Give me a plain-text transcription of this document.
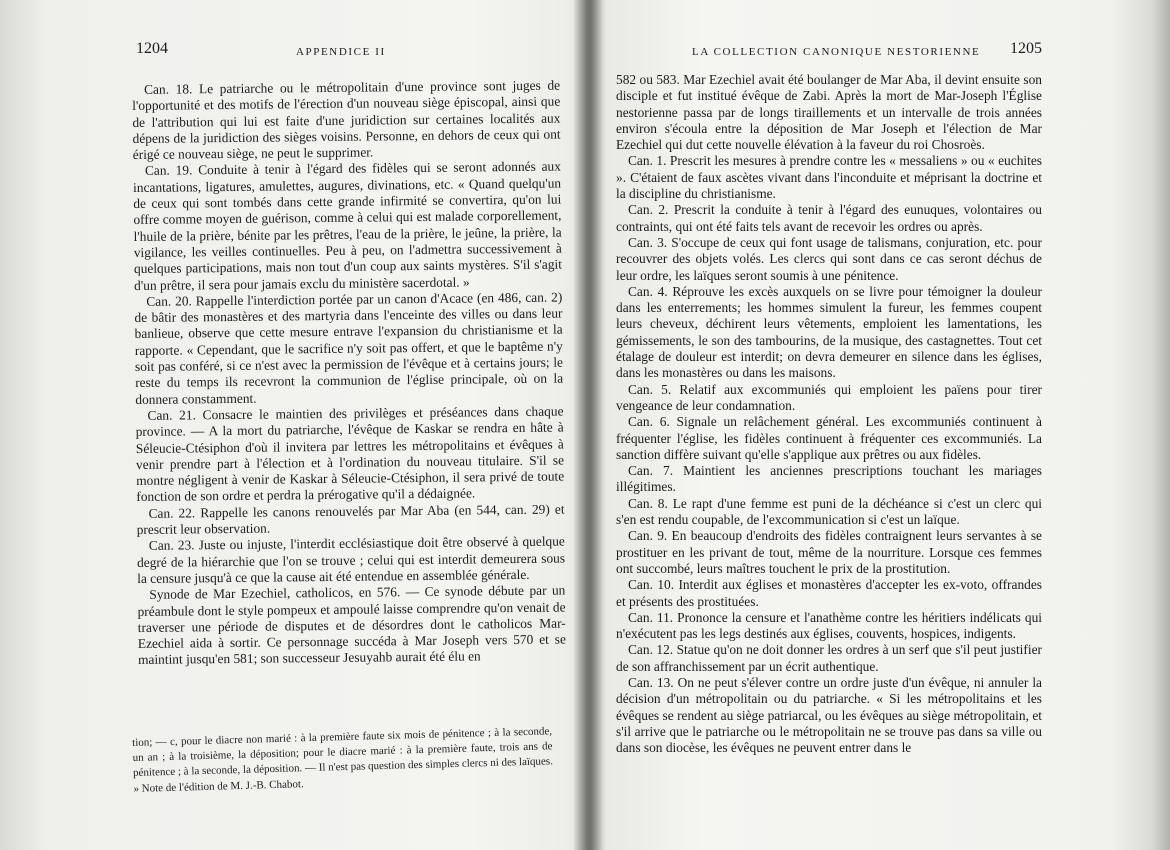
1204	APPENDICE II

Can. 18. Le patriarche ou le métropolitain d'une province sont juges de l'opportunité et des motifs de l'érection d'un nouveau siège épiscopal, ainsi que de l'attribution qui lui est faite d'une juridiction sur certaines localités aux dépens de la juridiction des sièges voisins. Personne, en dehors de ceux qui ont érigé ce nouveau siège, ne peut le supprimer.

Can. 19. Conduite à tenir à l'égard des fidèles qui se seront adonnés aux incantations, ligatures, amulettes, augures, divinations, etc. « Quand quelqu'un de ceux qui sont tombés dans cette grande infirmité se convertira, qu'on lui offre comme moyen de guérison, comme à celui qui est malade corporellement, l'huile de la prière, bénite par les prêtres, l'eau de la prière, le jeûne, la prière, la vigilance, les veilles continuelles. Peu à peu, on l'admettra successivement à quelques participations, mais non tout d'un coup aux saints mystères. S'il s'agit d'un prêtre, il sera pour jamais exclu du ministère sacerdotal. »

Can. 20. Rappelle l'interdiction portée par un canon d'Acace (en 486, can. 2) de bâtir des monastères et des martyria dans l'enceinte des villes ou dans leur banlieue, observe que cette mesure entrave l'expansion du christianisme et la rapporte. « Cependant, que le sacrifice n'y soit pas offert, et que le baptême n'y soit pas conféré, si ce n'est avec la permission de l'évêque et à certains jours; le reste du temps ils recevront la communion de l'église principale, où on la donnera constamment.

Can. 21. Consacre le maintien des privilèges et préséances dans chaque province. — A la mort du patriarche, l'évêque de Kaskar se rendra en hâte à Séleucie-Ctésiphon d'où il invitera par lettres les métropolitains et évêques à venir prendre part à l'élection et à l'ordination du nouveau titulaire. S'il se montre négligent à venir de Kaskar à Séleucie-Ctésiphon, il sera privé de toute fonction de son ordre et perdra la prérogative qu'il a dédaignée.

Can. 22. Rappelle les canons renouvelés par Mar Aba (en 544, can. 29) et prescrit leur observation.

Can. 23. Juste ou injuste, l'interdit ecclésiastique doit être observé à quelque degré de la hiérarchie que l'on se trouve ; celui qui est interdit demeurera sous la censure jusqu'à ce que la cause ait été entendue en assemblée générale.

Synode de Mar Ezechiel, catholicos, en 576. — Ce synode débute par un préambule dont le style pompeux et ampoulé laisse comprendre qu'on venait de traverser une période de disputes et de désordres dont le catholicos Mar-Ezechiel aida à sortir. Ce personnage succéda à Mar Joseph vers 570 et se maintint jusqu'en 581; son successeur Jesuyahb aurait été élu en

tion; — c, pour le diacre non marié : à la première faute six mois de pénitence ; à la seconde, un an ; à la troisième, la déposition; pour le diacre marié : à la première faute, trois ans de pénitence ; à la seconde, la déposition. — Il n'est pas question des simples clercs ni des laïques. » Note de l'édition de M. J.-B. Chabot.
LA COLLECTION CANONIQUE NESTORIENNE 1205

582 ou 583. Mar Ezechiel avait été boulanger de Mar Aba, il devint ensuite son disciple et fut institué évêque de Zabi. Après la mort de Mar-Joseph l'Église nestorienne passa par de longs tiraillements et un intervalle de trois années environ s'écoula entre la déposition de Mar Joseph et l'élection de Mar Ezechiel qui dut cette nouvelle élévation à la faveur du roi Chosroès.

Can. 1. Prescrit les mesures à prendre contre les « messaliens » ou « euchites ». C'étaient de faux ascètes vivant dans l'inconduite et méprisant la doctrine et la discipline du christianisme.

Can. 2. Prescrit la conduite à tenir à l'égard des eunuques, volontaires ou contraints, qui ont été faits tels avant de recevoir les ordres ou après.

Can. 3. S'occupe de ceux qui font usage de talismans, conjuration, etc. pour recouvrer des objets volés. Les clercs qui sont dans ce cas seront déchus de leur ordre, les laïques seront soumis à une pénitence.

Can. 4. Réprouve les excès auxquels on se livre pour témoigner la douleur dans les enterrements; les hommes simulent la fureur, les femmes coupent leurs cheveux, déchirent leurs vêtements, emploient les lamentations, les gémissements, le son des tambourins, de la musique, des castagnettes. Tout cet étalage de douleur est interdit; on devra demeurer en silence dans les églises, dans les monastères ou dans les maisons.

Can. 5. Relatif aux excommuniés qui emploient les païens pour tirer vengeance de leur condamnation.

Can. 6. Signale un relâchement général. Les excommuniés continuent à fréquenter l'église, les fidèles continuent à fréquenter ces excommuniés. La sanction diffère suivant qu'elle s'applique aux prêtres ou aux fidèles.

Can. 7. Maintient les anciennes prescriptions touchant les mariages illégitimes.

Can. 8. Le rapt d'une femme est puni de la déchéance si c'est un clerc qui s'en est rendu coupable, de l'excommunication si c'est un laïque.

Can. 9. En beaucoup d'endroits des fidèles contraignent leurs servantes à se prostituer en les privant de tout, même de la nourriture. Lorsque ces femmes ont succombé, leurs maîtres touchent le prix de la prostitution.

Can. 10. Interdit aux églises et monastères d'accepter les ex-voto, offrandes et présents des prostituées.

Can. 11. Prononce la censure et l'anathème contre les héritiers indélicats qui n'exécutent pas les legs destinés aux églises, couvents, hospices, indigents.

Can. 12. Statue qu'on ne doit donner les ordres à un serf que s'il peut justifier de son affranchissement par un écrit authentique.

Can. 13. On ne peut s'élever contre un ordre juste d'un évêque, ni annuler la décision d'un métropolitain ou du patriarche. « Si les métropolitains et les évêques se rendent au siège patriarcal, ou les évêques au siège métropolitain, et s'il arrive que le patriarche ou le métropolitain ne se trouve pas dans sa ville ou dans son diocèse, les évêques ne peuvent entrer dans le
